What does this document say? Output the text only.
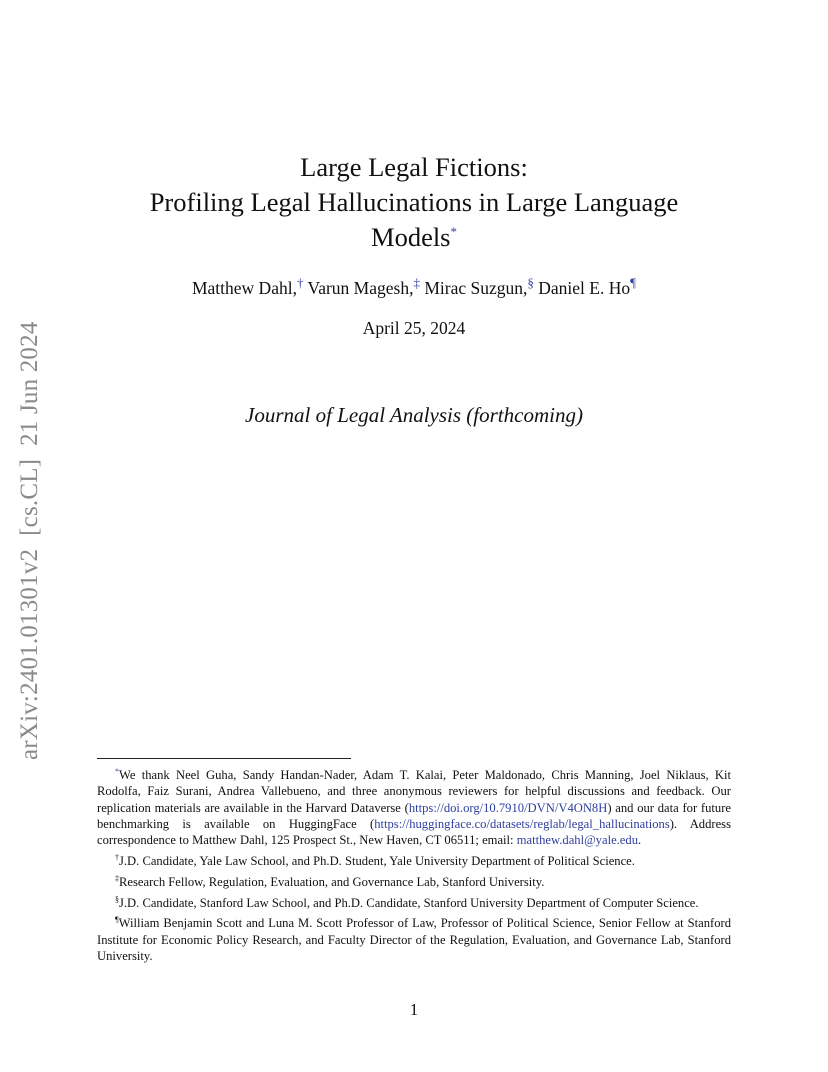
arXiv:2401.01301v2  [cs.CL]  21 Jun 2024
Large Legal Fictions:
Profiling Legal Hallucinations in Large Language
Models*
Matthew Dahl,† Varun Magesh,‡ Mirac Suzgun,§ Daniel E. Ho¶
April 25, 2024
Journal of Legal Analysis (forthcoming)

*We thank Neel Guha, Sandy Handan-Nader, Adam T. Kalai, Peter Maldonado, Chris Manning, Joel Niklaus, Kit Rodolfa, Faiz Surani, Andrea Vallebueno, and three anonymous reviewers for helpful discussions and feedback. Our replication materials are available in the Harvard Dataverse (https://doi.org/10.7910/DVN/V4ON8H) and our data for future benchmarking is available on HuggingFace (https://huggingface.co/datasets/reglab/legal_hallucinations). Address correspondence to Matthew Dahl, 125 Prospect St., New Haven, CT 06511; email: matthew.dahl@yale.edu.

†J.D. Candidate, Yale Law School, and Ph.D. Student, Yale University Department of Political Science.

‡Research Fellow, Regulation, Evaluation, and Governance Lab, Stanford University.

§J.D. Candidate, Stanford Law School, and Ph.D. Candidate, Stanford University Department of Computer Science.

¶William Benjamin Scott and Luna M. Scott Professor of Law, Professor of Political Science, Senior Fellow at Stanford Institute for Economic Policy Research, and Faculty Director of the Regulation, Evaluation, and Governance Lab, Stanford University.

1
